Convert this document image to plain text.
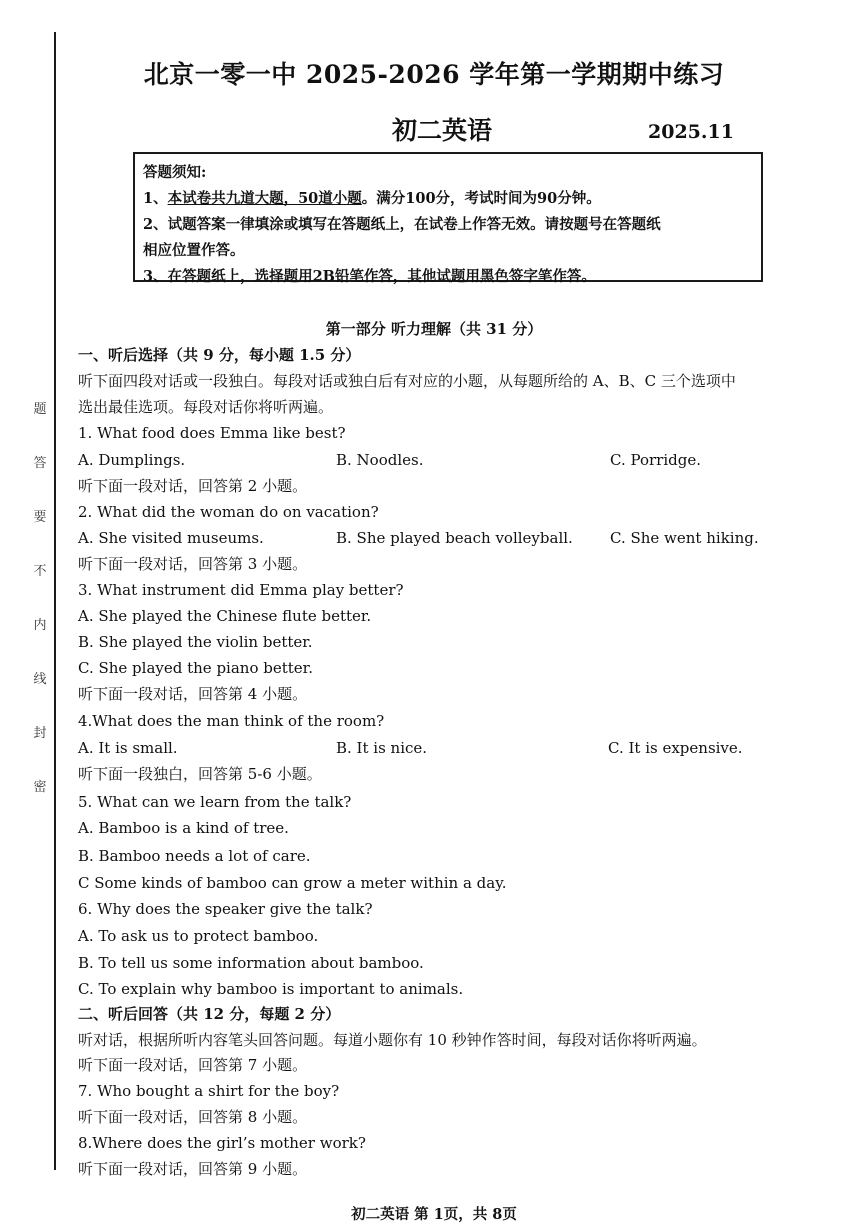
题
答
要
不
内
线
封
密
北京一零一中 2025-2026 学年第一学期期中练习
初二英语	2025.11
答题须知:
1、本试卷共九道大题，50道小题。满分100分，考试时间为90分钟。
2、试题答案一律填涂或填写在答题纸上，在试卷上作答无效。请按题号在答题纸
相应位置作答。
3、在答题纸上，选择题用2B铅笔作答，其他试题用黑色签字笔作答。
第一部分 听力理解（共 31 分）
一、听后选择（共 9 分，每小题 1.5 分）
听下面四段对话或一段独白。每段对话或独白后有对应的小题，从每题所给的 A、B、C 三个选项中
选出最佳选项。每段对话你将听两遍。
1. What food does Emma like best?
A. Dumplings.	B. Noodles.	C. Porridge.
听下面一段对话，回答第 2 小题。
2. What did the woman do on vacation?
A. She visited museums.	B. She played beach volleyball. C. She went hiking.
听下面一段对话，回答第 3 小题。
3. What instrument did Emma play better?
A. She played the Chinese flute better.
B. She played the violin better.
C. She played the piano better.
听下面一段对话，回答第 4 小题。
4.What does the man think of the room?
A. It is small.	B. It is nice.	C. It is expensive.
听下面一段独白，回答第 5-6 小题。
5. What can we learn from the talk?
A. Bamboo is a kind of tree.
B. Bamboo needs a lot of care.
C Some kinds of bamboo can grow a meter within a day.
6. Why does the speaker give the talk?
A. To ask us to protect bamboo.
B. To tell us some information about bamboo.
C. To explain why bamboo is important to animals.
二、听后回答（共 12 分，每题 2 分）
听对话，根据所听内容笔头回答问题。每道小题你有 10 秒钟作答时间，每段对话你将听两遍。
听下面一段对话，回答第 7 小题。
7. Who bought a shirt for the boy?
听下面一段对话，回答第 8 小题。
8.Where does the girl’s mother work?
听下面一段对话，回答第 9 小题。
初二英语 第 1页，共 8页
